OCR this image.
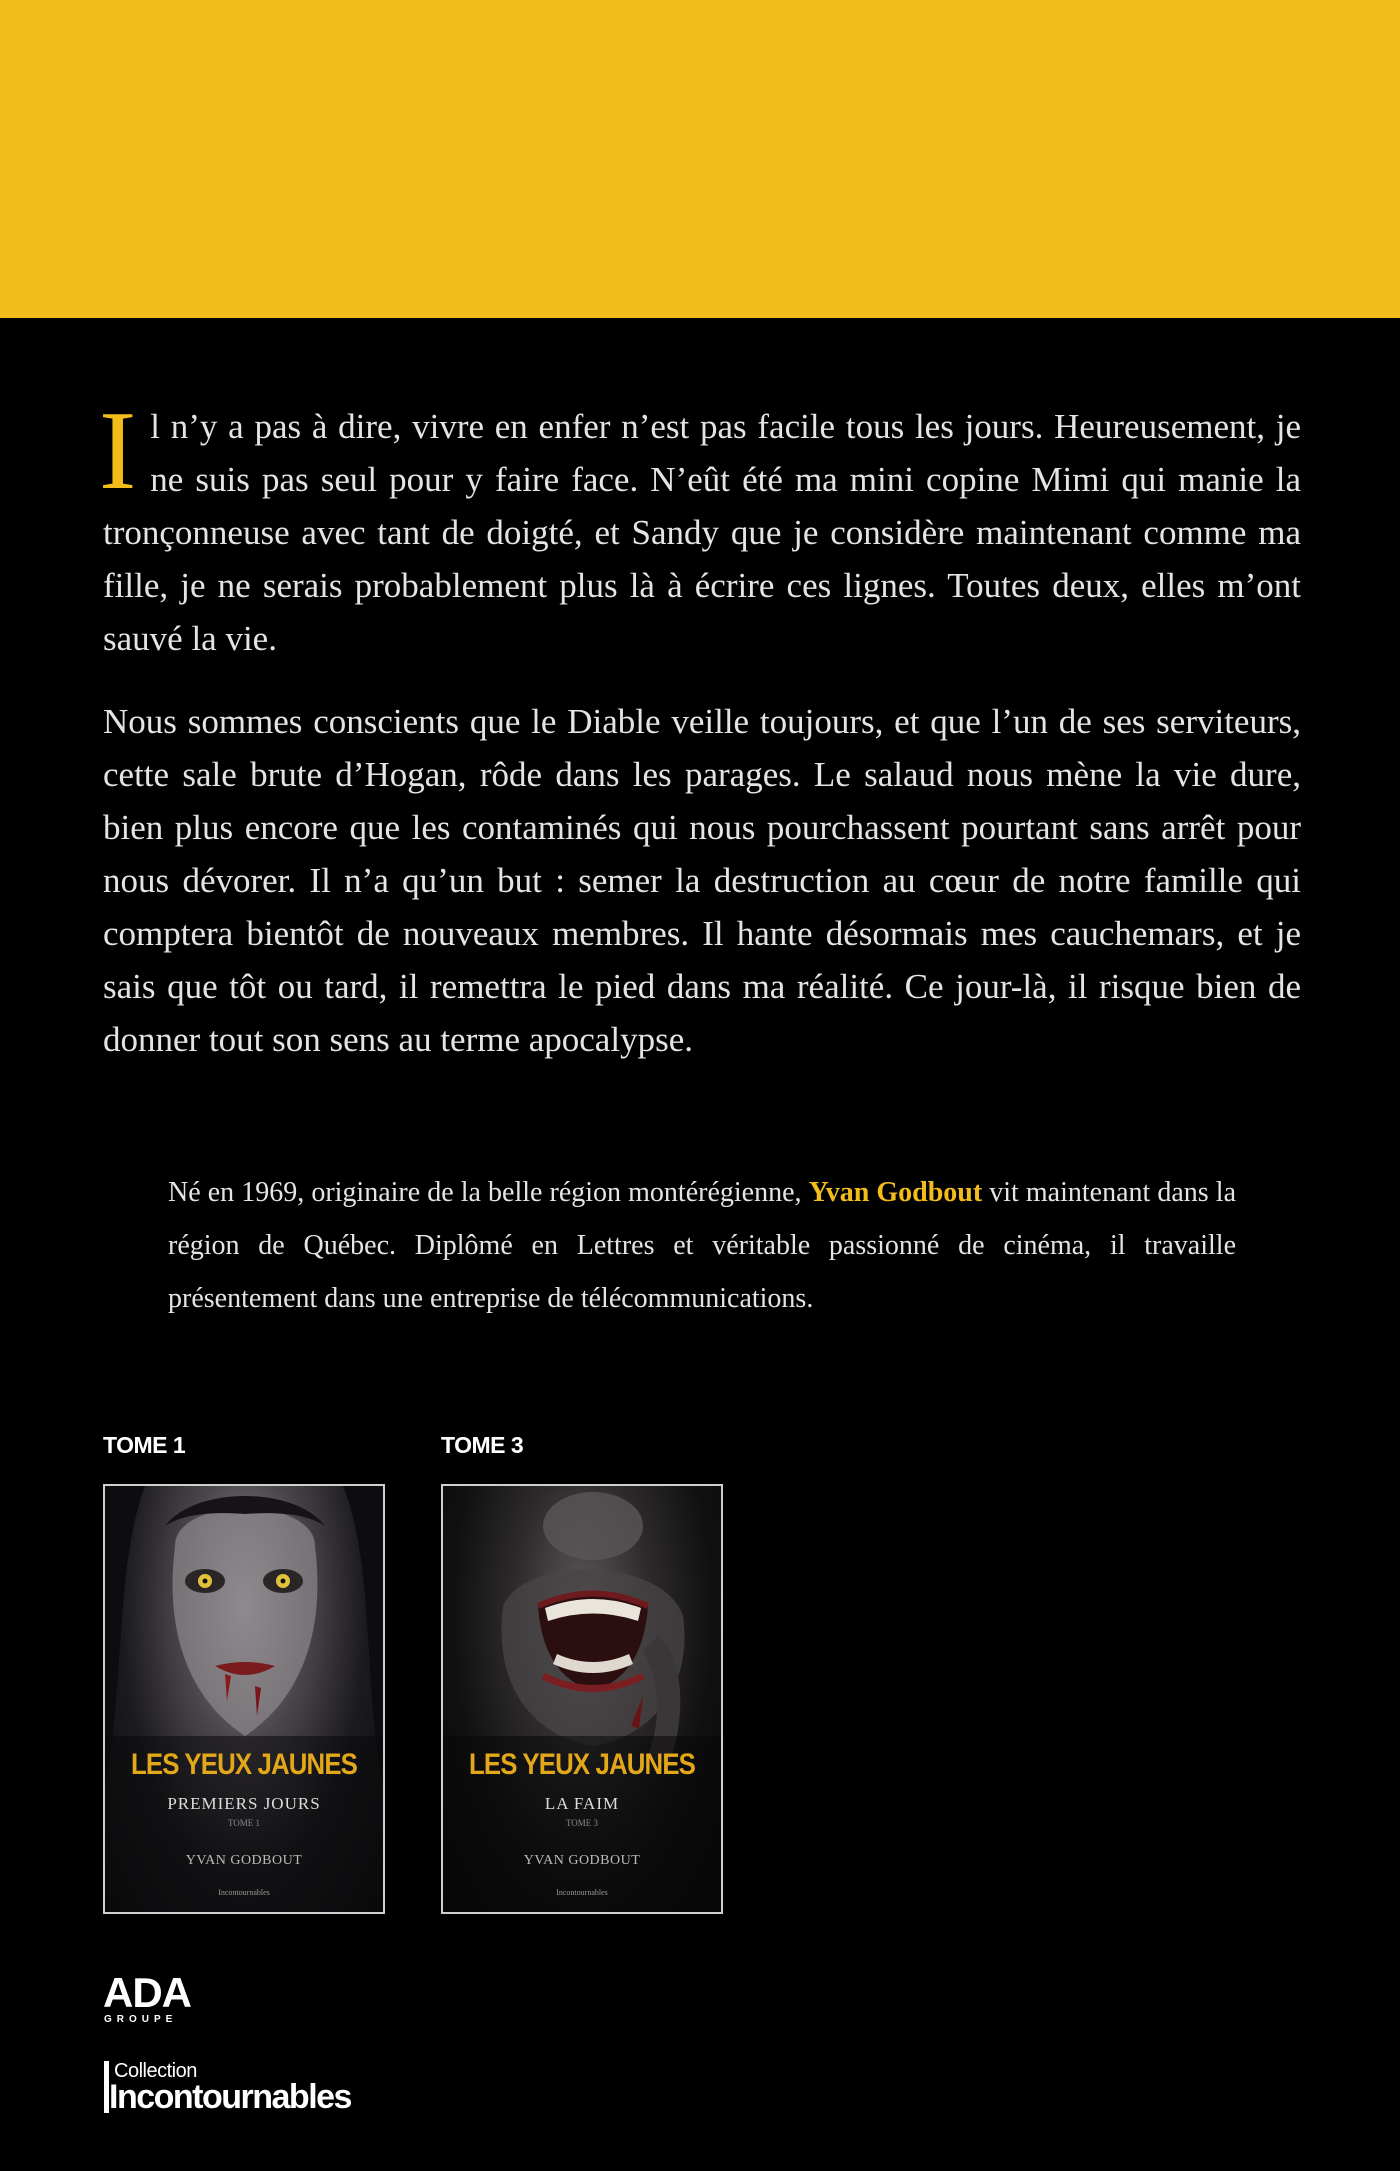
Il n’y a pas à dire, vivre en enfer n’est pas facile tous les jours. Heureusement, je ne suis pas seul pour y faire face. N’eût été ma mini copine Mimi qui manie la tronçonneuse avec tant de doigté, et Sandy que je considère maintenant comme ma fille, je ne serais probablement plus là à écrire ces lignes. Toutes deux, elles m’ont sauvé la vie.

Nous sommes conscients que le Diable veille toujours, et que l’un de ses serviteurs, cette sale brute d’Hogan, rôde dans les parages. Le salaud nous mène la vie dure, bien plus encore que les contaminés qui nous pourchassent pourtant sans arrêt pour nous dévorer. Il n’a qu’un but : semer la destruction au cœur de notre famille qui comptera bientôt de nouveaux membres. Il hante désormais mes cauchemars, et je sais que tôt ou tard, il remettra le pied dans ma réalité. Ce jour-là, il risque bien de donner tout son sens au terme apocalypse.

Né en 1969, originaire de la belle région montérégienne, Yvan Godbout vit maintenant dans la région de Québec. Diplômé en Lettres et véritable passionné de cinéma, il travaille présentement dans une entreprise de télécommunications.
TOME 1	TOME 3
LES YEUX JAUNES
PREMIERS JOURS
TOME 1
YVAN GODBOUT
Incontournables
LES YEUX JAUNES
LA FAIM
TOME 3
YVAN GODBOUT
Incontournables
ADA
GROUPE
Collection
Incontournables
